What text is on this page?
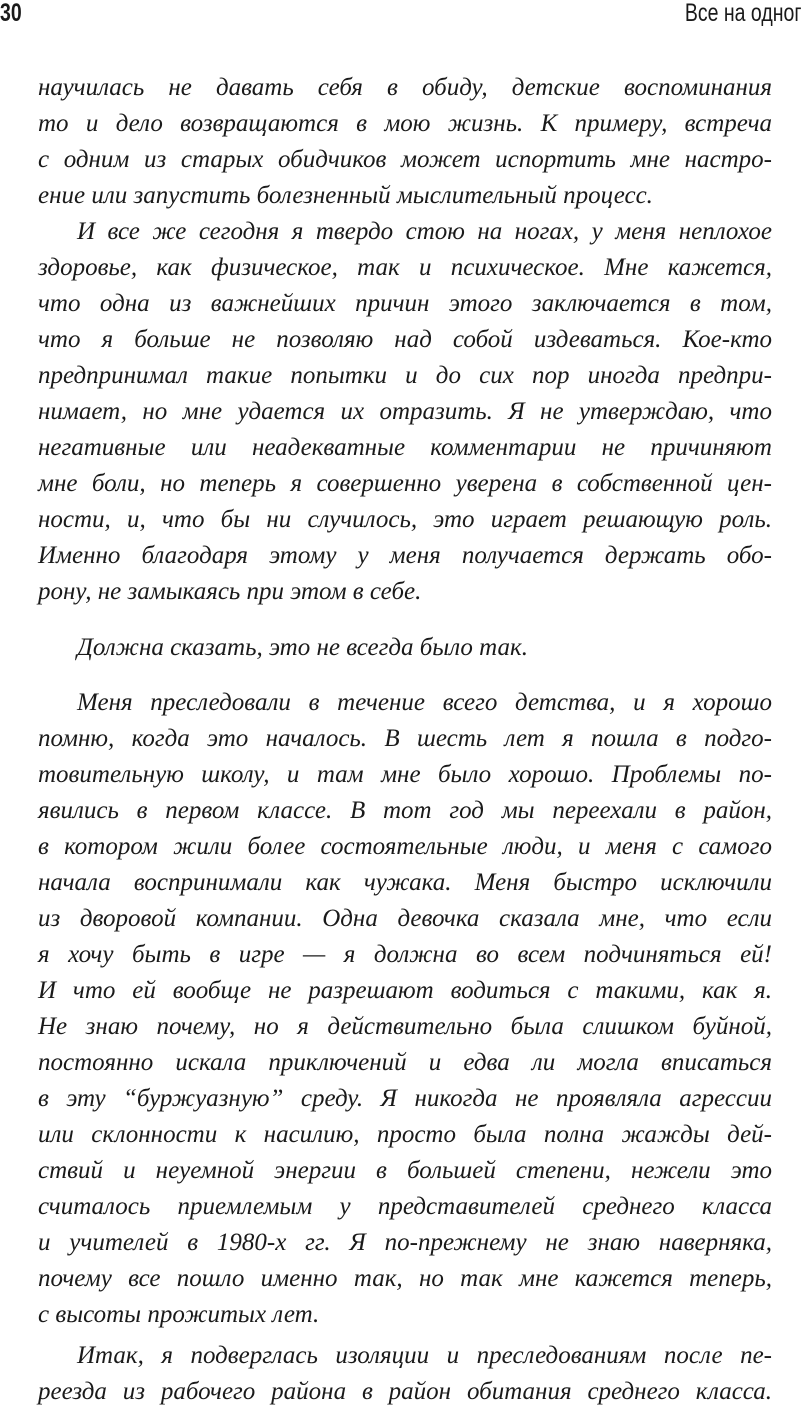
30	Все на одног
научилась не давать себя в обиду, детские воспоминания
то и дело возвращаются в мою жизнь. К примеру, встреча
с одним из старых обидчиков может испортить мне настро-
ение или запустить болезненный мыслительный процесс.
И все же сегодня я твердо стою на ногах, у меня неплохое
здоровье, как физическое, так и психическое. Мне кажется,
что одна из важнейших причин этого заключается в том,
что я больше не позволяю над собой издеваться. Кое-кто
предпринимал такие попытки и до сих пор иногда предпри-
нимает, но мне удается их отразить. Я не утверждаю, что
негативные или неадекватные комментарии не причиняют
мне боли, но теперь я совершенно уверена в собственной цен-
ности, и, что бы ни случилось, это играет решающую роль.
Именно благодаря этому у меня получается держать обо-
рону, не замыкаясь при этом в себе.
Должна сказать, это не всегда было так.
Меня преследовали в течение всего детства, и я хорошо
помню, когда это началось. В шесть лет я пошла в подго-
товительную школу, и там мне было хорошо. Проблемы по-
явились в первом классе. В тот год мы переехали в район,
в котором жили более состоятельные люди, и меня с самого
начала воспринимали как чужака. Меня быстро исключили
из дворовой компании. Одна девочка сказала мне, что если
я хочу быть в игре — я должна во всем подчиняться ей!
И что ей вообще не разрешают водиться с такими, как я.
Не знаю почему, но я действительно была слишком буйной,
постоянно искала приключений и едва ли могла вписаться
в эту “буржуазную” среду. Я никогда не проявляла агрессии
или склонности к насилию, просто была полна жажды дей-
ствий и неуемной энергии в большей степени, нежели это
считалось приемлемым у представителей среднего класса
и учителей в 1980-х гг. Я по-прежнему не знаю наверняка,
почему все пошло именно так, но так мне кажется теперь,
с высоты прожитых лет.
Итак, я подверглась изоляции и преследованиям после пе-
реезда из рабочего района в район обитания среднего класса.
